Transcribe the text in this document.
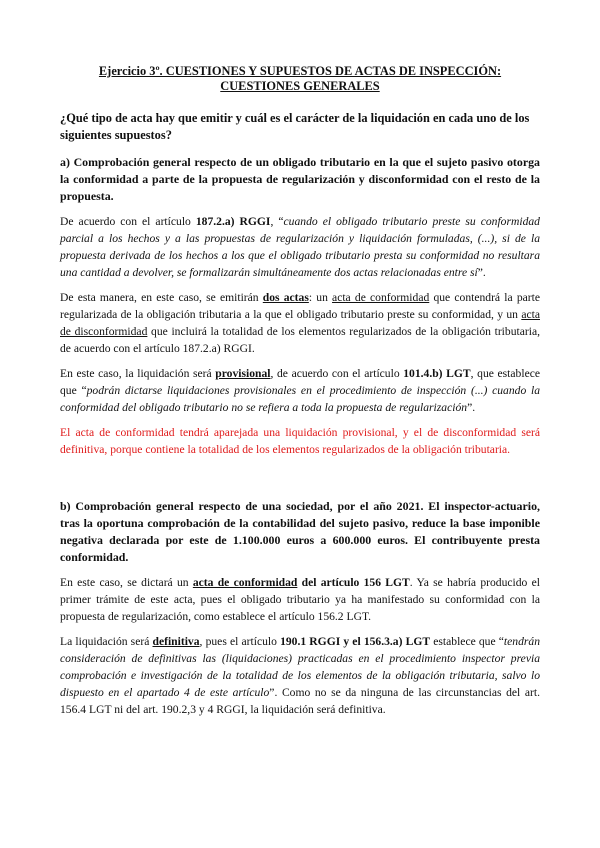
Ejercicio 3º. CUESTIONES Y SUPUESTOS DE ACTAS DE INSPECCIÓN:
CUESTIONES GENERALES
¿Qué tipo de acta hay que emitir y cuál es el carácter de la liquidación en cada uno de los siguientes supuestos?
a) Comprobación general respecto de un obligado tributario en la que el sujeto pasivo otorga la conformidad a parte de la propuesta de regularización y disconformidad con el resto de la propuesta.

De acuerdo con el artículo 187.2.a) RGGI, “cuando el obligado tributario preste su conformidad parcial a los hechos y a las propuestas de regularización y liquidación formuladas, (...), si de la propuesta derivada de los hechos a los que el obligado tributario presta su conformidad no resultara una cantidad a devolver, se formalizarán simultáneamente dos actas relacionadas entre sí”.

De esta manera, en este caso, se emitirán dos actas: un acta de conformidad que contendrá la parte regularizada de la obligación tributaria a la que el obligado tributario preste su conformidad, y un acta de disconformidad que incluirá la totalidad de los elementos regularizados de la obligación tributaria, de acuerdo con el artículo 187.2.a) RGGI.

En este caso, la liquidación será provisional, de acuerdo con el artículo 101.4.b) LGT, que establece que “podrán dictarse liquidaciones provisionales en el procedimiento de inspección (...) cuando la conformidad del obligado tributario no se refiera a toda la propuesta de regularización”.

El acta de conformidad tendrá aparejada una liquidación provisional, y el de disconformidad será definitiva, porque contiene la totalidad de los elementos regularizados de la obligación tributaria.

b) Comprobación general respecto de una sociedad, por el año 2021. El inspector-actuario, tras la oportuna comprobación de la contabilidad del sujeto pasivo, reduce la base imponible negativa declarada por este de 1.100.000 euros a 600.000 euros. El contribuyente presta conformidad.

En este caso, se dictará un acta de conformidad del artículo 156 LGT. Ya se habría producido el primer trámite de este acta, pues el obligado tributario ya ha manifestado su conformidad con la propuesta de regularización, como establece el artículo 156.2 LGT.

La liquidación será definitiva, pues el artículo 190.1 RGGI y el 156.3.a) LGT establece que “tendrán consideración de definitivas las (liquidaciones) practicadas en el procedimiento inspector previa comprobación e investigación de la totalidad de los elementos de la obligación tributaria, salvo lo dispuesto en el apartado 4 de este artículo”. Como no se da ninguna de las circunstancias del art. 156.4 LGT ni del art. 190.2,3 y 4 RGGI, la liquidación será definitiva.
